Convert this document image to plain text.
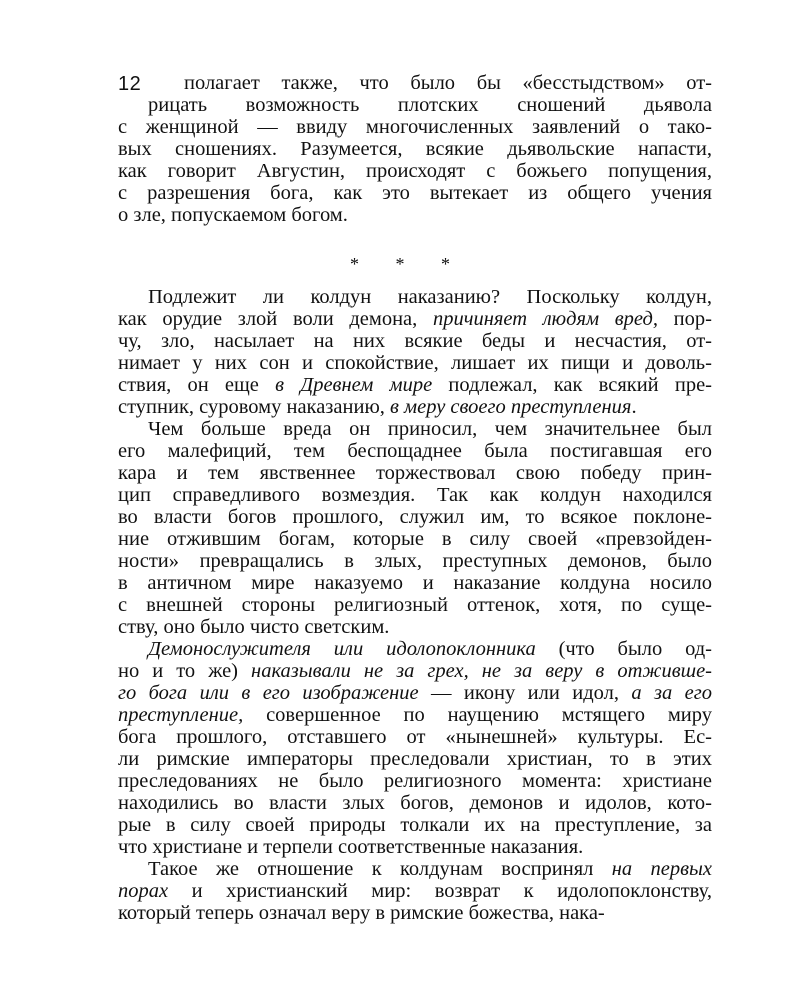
12	полагает также, что было бы «бесстыдством» от-
рицать возможность плотских сношений дьявола
с женщиной — ввиду многочисленных заявлений о тако-
вых сношениях. Разумеется, всякие дьявольские напасти,
как говорит Августин, происходят с божьего попущения,
с разрешения бога, как это вытекает из общего учения
о зле, попускаемом богом.
* * *
Подлежит ли колдун наказанию? Поскольку колдун,
как орудие злой воли демона, причиняет людям вред, пор-
чу, зло, насылает на них всякие беды и несчастия, от-
нимает у них сон и спокойствие, лишает их пищи и доволь-
ствия, он еще в Древнем мире подлежал, как всякий пре-
ступник, суровому наказанию, в меру своего преступления.
Чем больше вреда он приносил, чем значительнее был
его малефиций, тем беспощаднее была постигавшая его
кара и тем явственнее торжествовал свою победу прин-
цип справедливого возмездия. Так как колдун находился
во власти богов прошлого, служил им, то всякое поклоне-
ние отжившим богам, которые в силу своей «превзойден-
ности» превращались в злых, преступных демонов, было
в античном мире наказуемо и наказание колдуна носило
с внешней стороны религиозный оттенок, хотя, по суще-
ству, оно было чисто светским.
Демонослужителя или идолопоклонника (что было од-
но и то же) наказывали не за грех, не за веру в отживше-
го бога или в его изображение — икону или идол, а за его
преступление, совершенное по наущению мстящего миру
бога прошлого, отставшего от «нынешней» культуры. Ес-
ли римские императоры преследовали христиан, то в этих
преследованиях не было религиозного момента: христиане
находились во власти злых богов, демонов и идолов, кото-
рые в силу своей природы толкали их на преступление, за
что христиане и терпели соответственные наказания.
Такое же отношение к колдунам воспринял на первых
порах и христианский мир: возврат к идолопоклонству,
который теперь означал веру в римские божества, нака-
